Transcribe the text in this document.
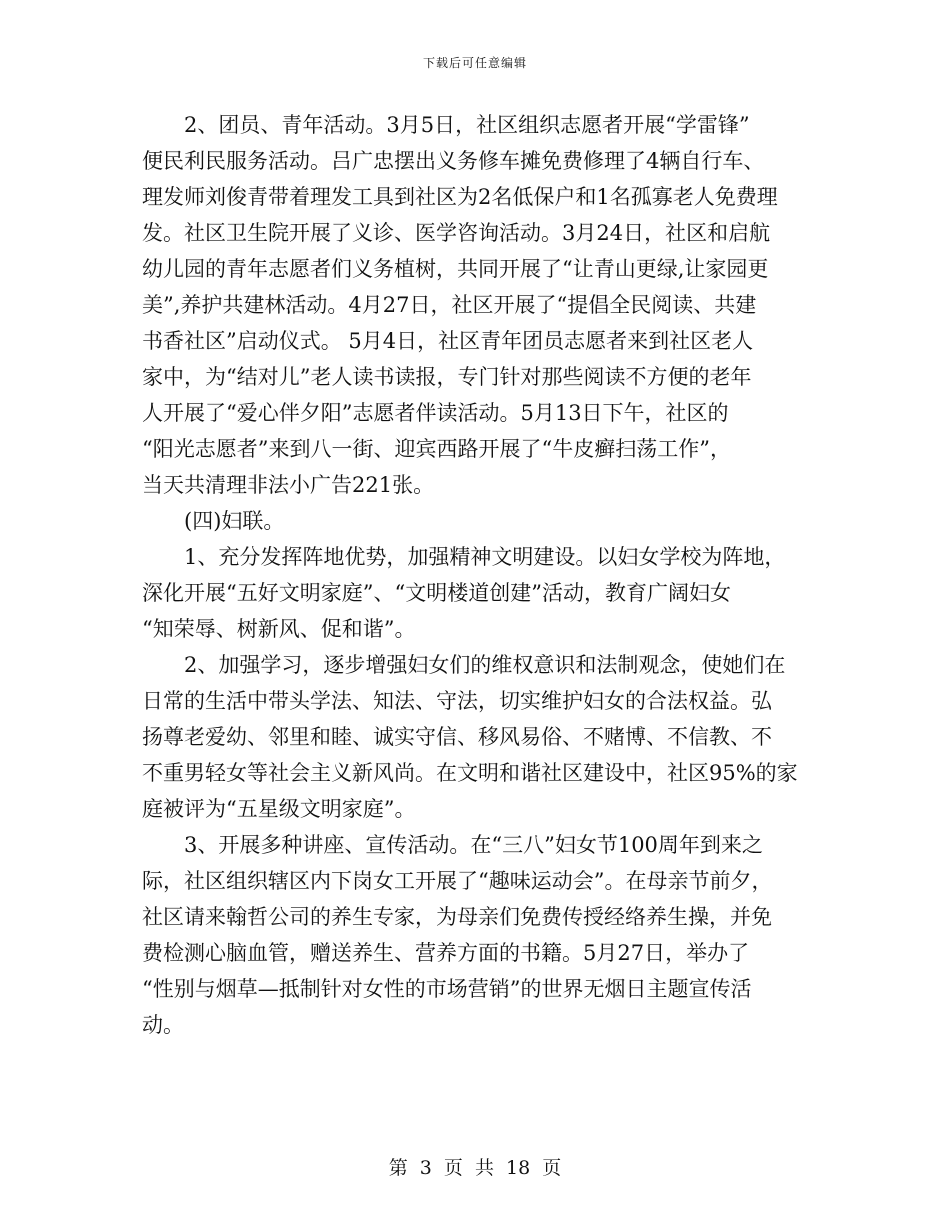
下载后可任意编辑
2、团员、青年活动。3月5日，社区组织志愿者开展“学雷锋”
便民利民服务活动。吕广忠摆出义务修车摊免费修理了4辆自行车、
理发师刘俊青带着理发工具到社区为2名低保户和1名孤寡老人免费理
发。社区卫生院开展了义诊、医学咨询活动。3月24日，社区和启航
幼儿园的青年志愿者们义务植树，共同开展了“让青山更绿,让家园更
美”,养护共建林活动。4月27日，社区开展了“提倡全民阅读、共建
书香社区”启动仪式。 5月4日，社区青年团员志愿者来到社区老人
家中，为“结对儿”老人读书读报，专门针对那些阅读不方便的老年
人开展了“爱心伴夕阳”志愿者伴读活动。5月13日下午，社区的
“阳光志愿者”来到八一街、迎宾西路开展了“牛皮癣扫荡工作”，
当天共清理非法小广告221张。
(四)妇联。
1、充分发挥阵地优势，加强精神文明建设。以妇女学校为阵地，
深化开展“五好文明家庭”、“文明楼道创建”活动，教育广阔妇女
“知荣辱、树新风、促和谐”。
2、加强学习，逐步增强妇女们的维权意识和法制观念，使她们在
日常的生活中带头学法、知法、守法，切实维护妇女的合法权益。弘
扬尊老爱幼、邻里和睦、诚实守信、移风易俗、不赌博、不信教、不
不重男轻女等社会主义新风尚。在文明和谐社区建设中，社区95%的家
庭被评为“五星级文明家庭”。
3、开展多种讲座、宣传活动。在“三八”妇女节100周年到来之
际，社区组织辖区内下岗女工开展了“趣味运动会”。在母亲节前夕，
社区请来翰哲公司的养生专家，为母亲们免费传授经络养生操，并免
费检测心脑血管，赠送养生、营养方面的书籍。5月27日，举办了
“性别与烟草—抵制针对女性的市场营销”的世界无烟日主题宣传活
动。
第 3 页 共 18 页
